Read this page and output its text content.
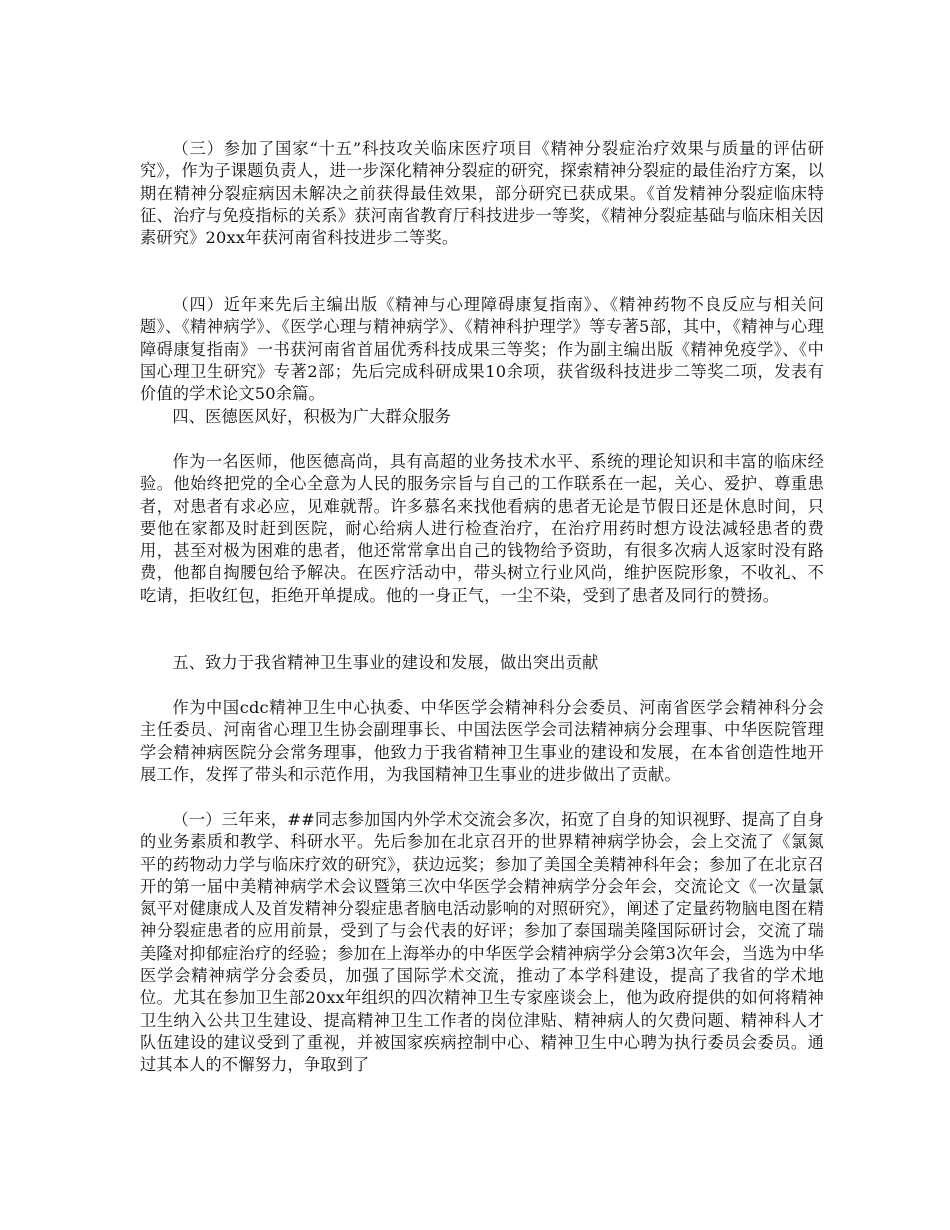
（三）参加了国家“十五”科技攻关临床医疗项目《精神分裂症治疗效果与质量的评估研究》，作为子课题负责人，进一步深化精神分裂症的研究，探索精神分裂症的最佳治疗方案，以期在精神分裂症病因未解决之前获得最佳效果，部分研究已获成果。《首发精神分裂症临床特征、治疗与免疫指标的关系》获河南省教育厅科技进步一等奖，《精神分裂症基础与临床相关因素研究》20xx年获河南省科技进步二等奖。

（四）近年来先后主编出版《精神与心理障碍康复指南》、《精神药物不良反应与相关问题》、《精神病学》、《医学心理与精神病学》、《精神科护理学》等专著5部，其中，《精神与心理障碍康复指南》一书获河南省首届优秀科技成果三等奖；作为副主编出版《精神免疫学》、《中国心理卫生研究》专著2部；先后完成科研成果10余项，获省级科技进步二等奖二项，发表有价值的学术论文50余篇。

四、医德医风好，积极为广大群众服务

作为一名医师，他医德高尚，具有高超的业务技术水平、系统的理论知识和丰富的临床经验。他始终把党的全心全意为人民的服务宗旨与自己的工作联系在一起，关心、爱护、尊重患者，对患者有求必应，见难就帮。许多慕名来找他看病的患者无论是节假日还是休息时间，只要他在家都及时赶到医院，耐心给病人进行检查治疗，在治疗用药时想方设法减轻患者的费用，甚至对极为困难的患者，他还常常拿出自己的钱物给予资助，有很多次病人返家时没有路费，他都自掏腰包给予解决。在医疗活动中，带头树立行业风尚，维护医院形象，不收礼、不吃请，拒收红包，拒绝开单提成。他的一身正气，一尘不染，受到了患者及同行的赞扬。

五、致力于我省精神卫生事业的建设和发展，做出突出贡献

作为中国cdc精神卫生中心执委、中华医学会精神科分会委员、河南省医学会精神科分会主任委员、河南省心理卫生协会副理事长、中国法医学会司法精神病分会理事、中华医院管理学会精神病医院分会常务理事，他致力于我省精神卫生事业的建设和发展，在本省创造性地开展工作，发挥了带头和示范作用，为我国精神卫生事业的进步做出了贡献。

（一）三年来，##同志参加国内外学术交流会多次，拓宽了自身的知识视野、提高了自身的业务素质和教学、科研水平。先后参加在北京召开的世界精神病学协会，会上交流了《氯氮平的药物动力学与临床疗效的研究》，获边远奖；参加了美国全美精神科年会；参加了在北京召开的第一届中美精神病学术会议暨第三次中华医学会精神病学分会年会，交流论文《一次量氯氮平对健康成人及首发精神分裂症患者脑电活动影响的对照研究》，阐述了定量药物脑电图在精神分裂症患者的应用前景，受到了与会代表的好评；参加了泰国瑞美隆国际研讨会，交流了瑞美隆对抑郁症治疗的经验；参加在上海举办的中华医学会精神病学分会第3次年会，当选为中华医学会精神病学分会委员，加强了国际学术交流，推动了本学科建设，提高了我省的学术地位。尤其在参加卫生部20xx年组织的四次精神卫生专家座谈会上，他为政府提供的如何将精神卫生纳入公共卫生建设、提高精神卫生工作者的岗位津贴、精神病人的欠费问题、精神科人才队伍建设的建议受到了重视，并被国家疾病控制中心、精神卫生中心聘为执行委员会委员。通过其本人的不懈努力，争取到了
